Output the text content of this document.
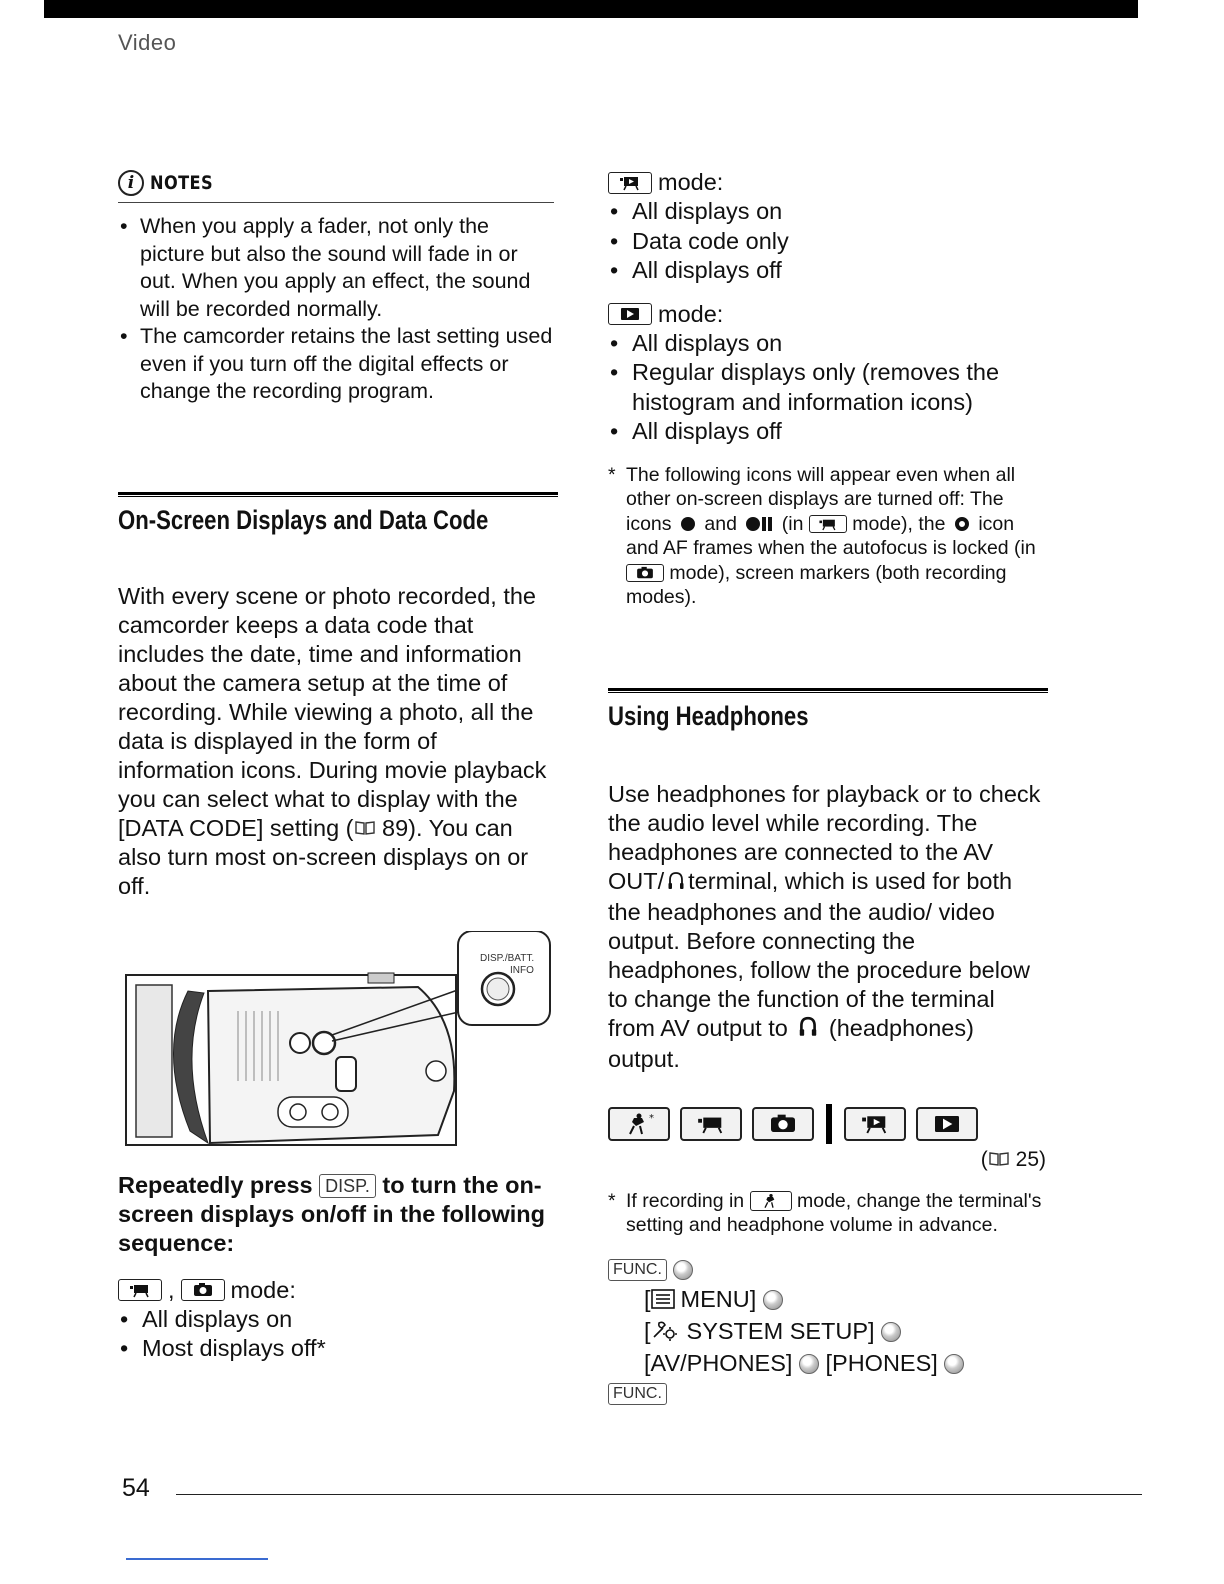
Video
i NOTES
• When you apply a fader, not only the picture but also the sound will fade in or out. When you apply an effect, the sound will be recorded normally.
• The camcorder retains the last setting used even if you turn off the digital effects or change the recording program.
On-Screen Displays and Data Code
With every scene or photo recorded, the camcorder keeps a data code that includes the date, time and information about the camera setup at the time of recording. While viewing a photo, all the data is displayed in the form of information icons. During movie playback you can select what to display with the [DATA CODE] setting ( 89). You can also turn most on-screen displays on or off.
DISP./BATT.
INFO
Repeatedly press DISP. to turn the on-screen displays on/off in the following sequence:
, mode:
• All displays on
• Most displays off*
mode:
• All displays on
• Data code only
• All displays off
mode:
• All displays on
• Regular displays only (removes the histogram and information icons)
• All displays off
* The following icons will appear even when all other on-screen displays are turned off: The icons and (in	mode), the icon and AF frames when the autofocus is locked (in
mode), screen markers (both recording modes).
Using Headphones
Use headphones for playback or to check the audio level while recording. The headphones are connected to the AV OUT/ terminal, which is used for both the headphones and the audio/ video output. Before connecting the headphones, follow the procedure below to change the function of the terminal from AV output to (headphones) output.
*
( 25)
* If recording in	mode, change the terminal's setting and headphone volume in advance.
FUNC.
[ MENU]
[ SYSTEM SETUP]
[AV/PHONES] [PHONES]
FUNC.
54
